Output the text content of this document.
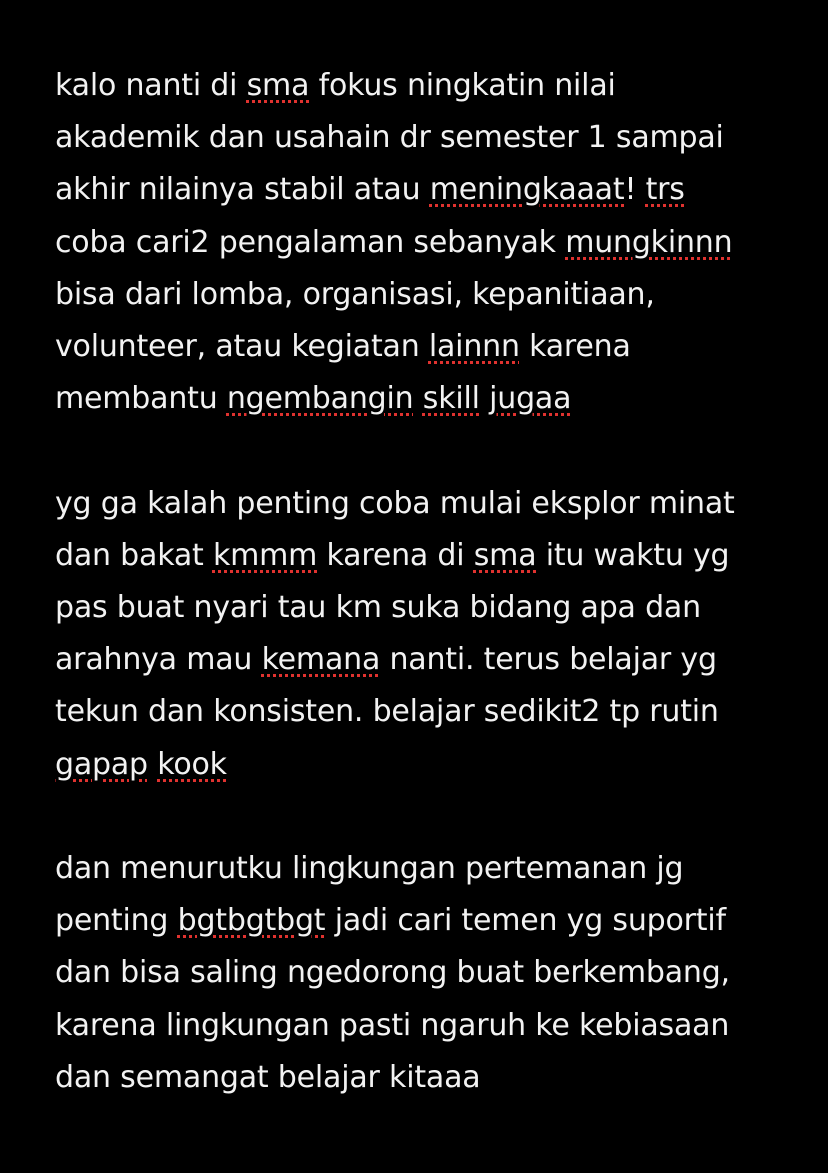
kalo nanti di sma fokus ningkatin nilai
akademik dan usahain dr semester 1 sampai
akhir nilainya stabil atau meningkaaat! trs
coba cari2 pengalaman sebanyak mungkinnn
bisa dari lomba, organisasi, kepanitiaan,
volunteer, atau kegiatan lainnn karena
membantu ngembangin skill jugaa

yg ga kalah penting coba mulai eksplor minat
dan bakat kmmm karena di sma itu waktu yg
pas buat nyari tau km suka bidang apa dan
arahnya mau kemana nanti. terus belajar yg
tekun dan konsisten. belajar sedikit2 tp rutin
gapap kook

dan menurutku lingkungan pertemanan jg
penting bgtbgtbgt jadi cari temen yg suportif
dan bisa saling ngedorong buat berkembang,
karena lingkungan pasti ngaruh ke kebiasaan
dan semangat belajar kitaaa
